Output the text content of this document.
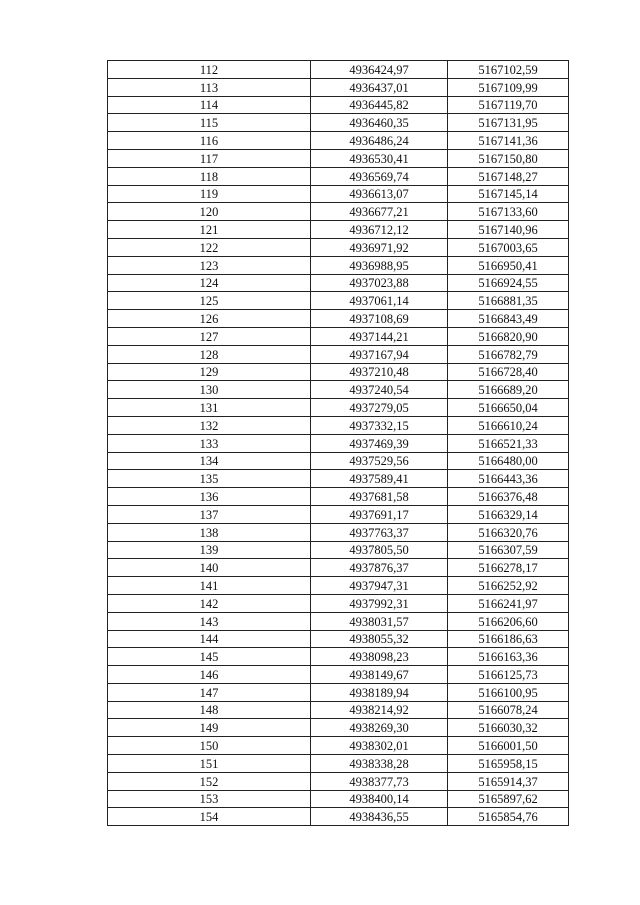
112	4936424,97	5167102,59
113	4936437,01	5167109,99
114	4936445,82	5167119,70
115	4936460,35	5167131,95
116	4936486,24	5167141,36
117	4936530,41	5167150,80
118	4936569,74	5167148,27
119	4936613,07	5167145,14
120	4936677,21	5167133,60
121	4936712,12	5167140,96
122	4936971,92	5167003,65
123	4936988,95	5166950,41
124	4937023,88	5166924,55
125	4937061,14	5166881,35
126	4937108,69	5166843,49
127	4937144,21	5166820,90
128	4937167,94	5166782,79
129	4937210,48	5166728,40
130	4937240,54	5166689,20
131	4937279,05	5166650,04
132	4937332,15	5166610,24
133	4937469,39	5166521,33
134	4937529,56	5166480,00
135	4937589,41	5166443,36
136	4937681,58	5166376,48
137	4937691,17	5166329,14
138	4937763,37	5166320,76
139	4937805,50	5166307,59
140	4937876,37	5166278,17
141	4937947,31	5166252,92
142	4937992,31	5166241,97
143	4938031,57	5166206,60
144	4938055,32	5166186,63
145	4938098,23	5166163,36
146	4938149,67	5166125,73
147	4938189,94	5166100,95
148	4938214,92	5166078,24
149	4938269,30	5166030,32
150	4938302,01	5166001,50
151	4938338,28	5165958,15
152	4938377,73	5165914,37
153	4938400,14	5165897,62
154	4938436,55	5165854,76
